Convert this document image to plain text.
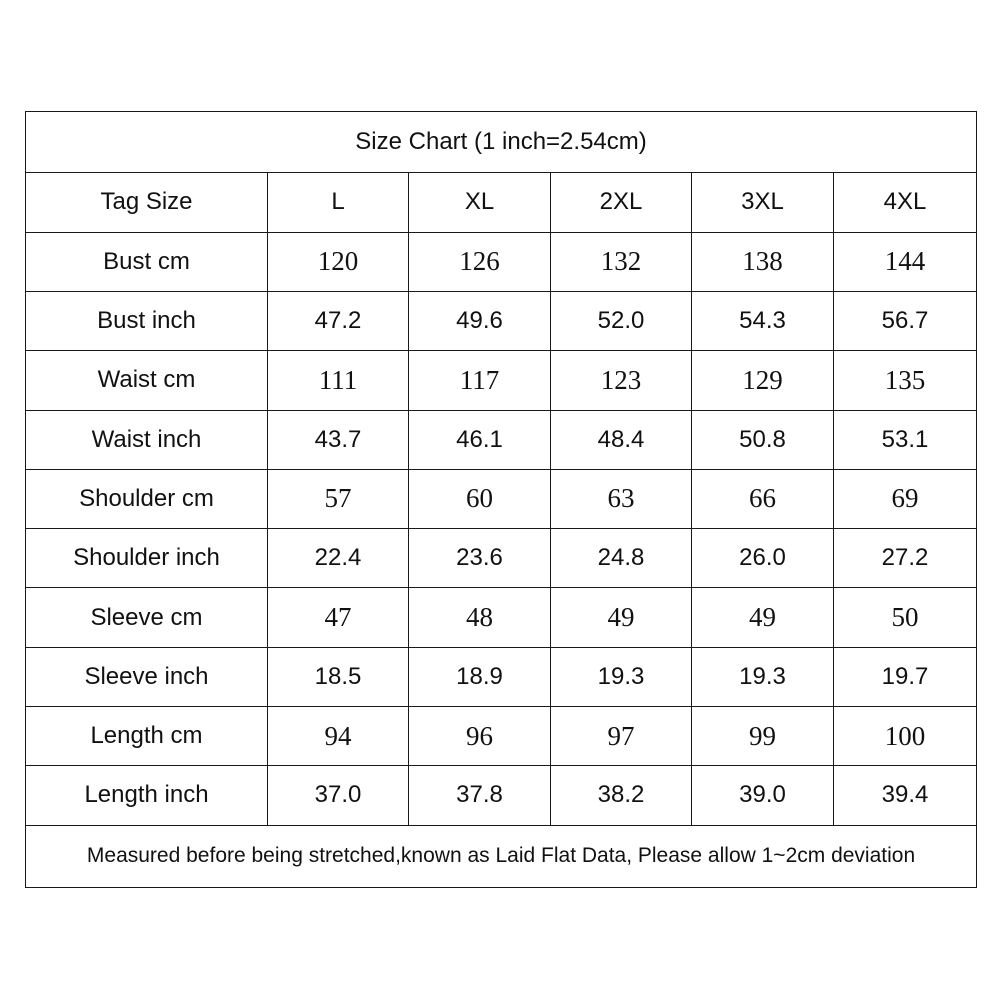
Size Chart (1 inch=2.54cm)					
Tag Size	L	XL	2XL	3XL	4XL
Bust cm	120	126	132	138	144
Bust inch	47.2	49.6	52.0	54.3	56.7
Waist cm	111	117	123	129	135
Waist inch	43.7	46.1	48.4	50.8	53.1
Shoulder cm	57	60	63	66	69
Shoulder inch	22.4	23.6	24.8	26.0	27.2
Sleeve cm	47	48	49	49	50
Sleeve inch	18.5	18.9	19.3	19.3	19.7
Length cm	94	96	97	99	100
Length inch	37.0	37.8	38.2	39.0	39.4
Measured before being stretched,known as Laid Flat Data, Please allow 1~2cm deviation					
